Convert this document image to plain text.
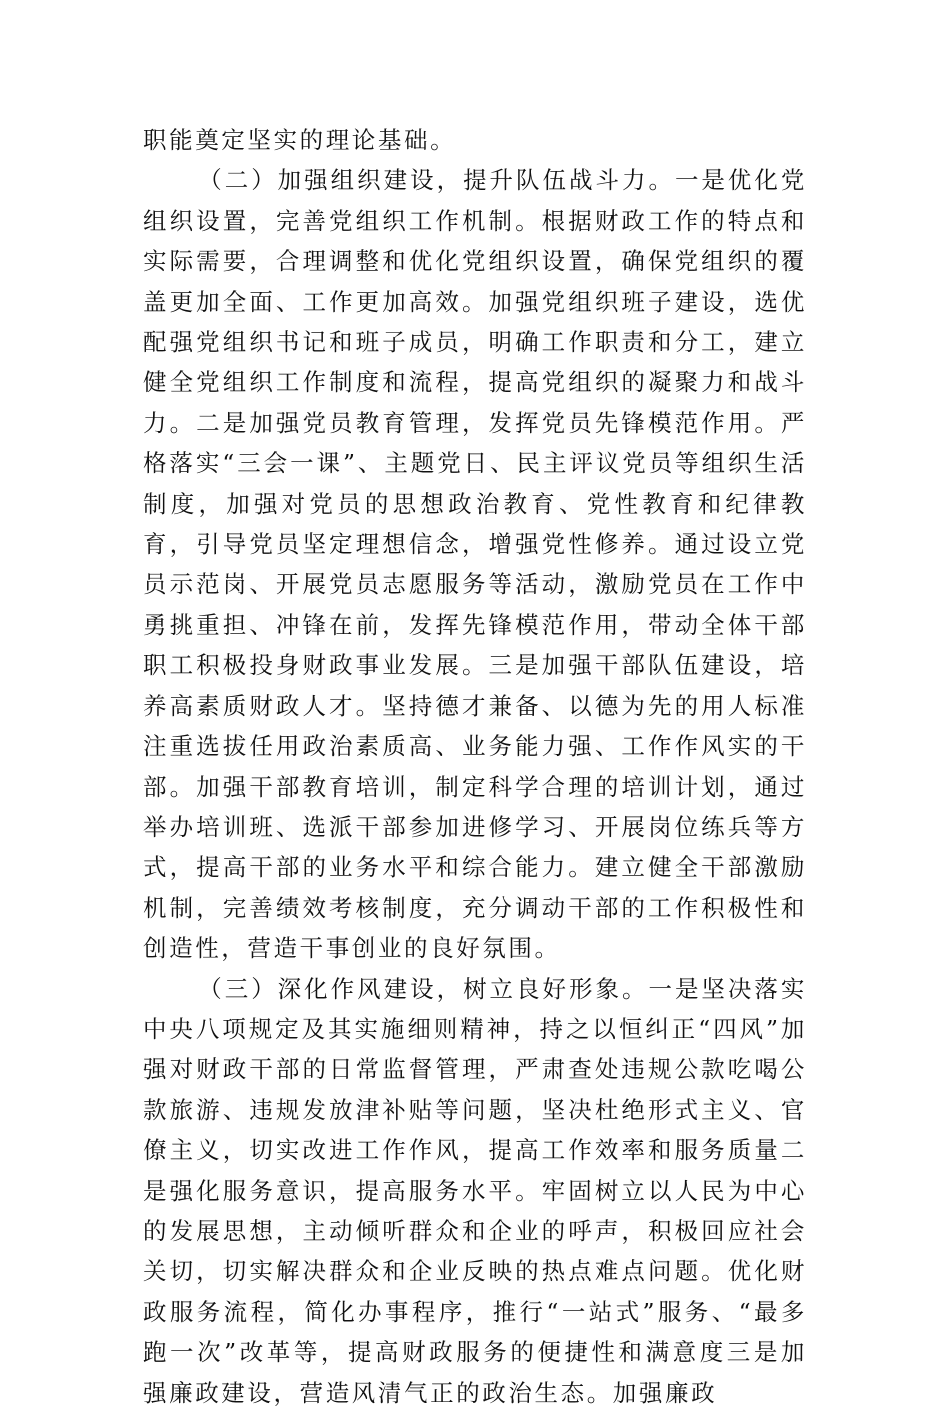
职能奠定坚实的理论基础。

（二）加强组织建设，提升队伍战斗力。一是优化党组织设置，完善党组织工作机制。根据财政工作的特点和实际需要，合理调整和优化党组织设置，确保党组织的覆盖更加全面、工作更加高效。加强党组织班子建设，选优配强党组织书记和班子成员，明确工作职责和分工，建立健全党组织工作制度和流程，提高党组织的凝聚力和战斗力。二是加强党员教育管理，发挥党员先锋模范作用。严格落实“三会一课”、主题党日、民主评议党员等组织生活制度，加强对党员的思想政治教育、党性教育和纪律教育，引导党员坚定理想信念，增强党性修养。通过设立党员示范岗、开展党员志愿服务等活动，激励党员在工作中勇挑重担、冲锋在前，发挥先锋模范作用，带动全体干部职工积极投身财政事业发展。三是加强干部队伍建设，培养高素质财政人才。坚持德才兼备、以德为先的用人标准注重选拔任用政治素质高、业务能力强、工作作风实的干部。加强干部教育培训，制定科学合理的培训计划，通过举办培训班、选派干部参加进修学习、开展岗位练兵等方式，提高干部的业务水平和综合能力。建立健全干部激励机制，完善绩效考核制度，充分调动干部的工作积极性和创造性，营造干事创业的良好氛围。

（三）深化作风建设，树立良好形象。一是坚决落实中央八项规定及其实施细则精神，持之以恒纠正“四风”加强对财政干部的日常监督管理，严肃查处违规公款吃喝公款旅游、违规发放津补贴等问题，坚决杜绝形式主义、官僚主义，切实改进工作作风，提高工作效率和服务质量二是强化服务意识，提高服务水平。牢固树立以人民为中心的发展思想，主动倾听群众和企业的呼声，积极回应社会关切，切实解决群众和企业反映的热点难点问题。优化财政服务流程，简化办事程序，推行“一站式”服务、“最多跑一次”改革等，提高财政服务的便捷性和满意度三是加强廉政建设，营造风清气正的政治生态。加强廉政
